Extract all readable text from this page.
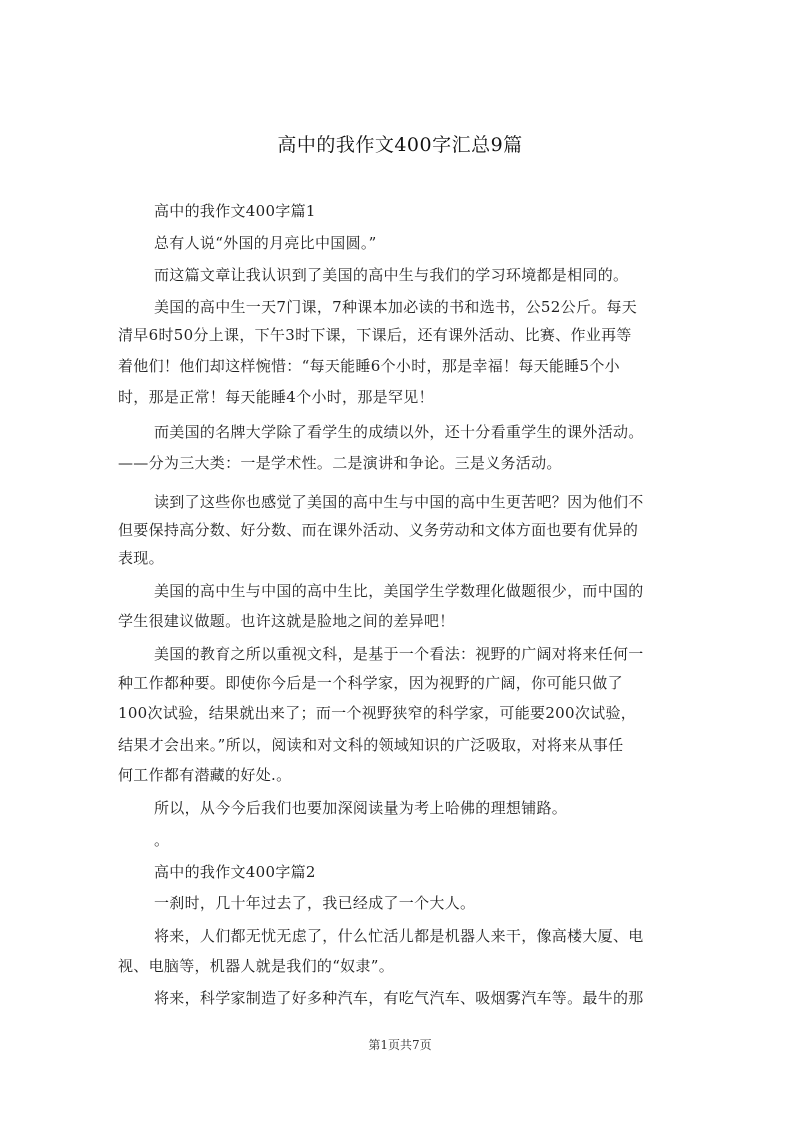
高中的我作文400字汇总9篇
高中的我作文400字篇1
总有人说“外国的月亮比中国圆。”
而这篇文章让我认识到了美国的高中生与我们的学习环境都是相同的。
美国的高中生一天7门课，7种课本加必读的书和选书，公52公斤。每天
清早6时50分上课，下午3时下课，下课后，还有课外活动、比赛、作业再等
着他们！他们却这样惋惜：“每天能睡6个小时，那是幸福！每天能睡5个小
时，那是正常！每天能睡4个小时，那是罕见！
而美国的名牌大学除了看学生的成绩以外，还十分看重学生的课外活动。
——分为三大类：一是学术性。二是演讲和争论。三是义务活动。
读到了这些你也感觉了美国的高中生与中国的高中生更苦吧？因为他们不
但要保持高分数、好分数、而在课外活动、义务劳动和文体方面也要有优异的
表现。
美国的高中生与中国的高中生比，美国学生学数理化做题很少，而中国的
学生很建议做题。也许这就是脸地之间的差异吧！
美国的教育之所以重视文科，是基于一个看法：视野的广阔对将来任何一
种工作都种要。即使你今后是一个科学家，因为视野的广阔，你可能只做了
100次试验，结果就出来了；而一个视野狭窄的科学家，可能要200次试验，
结果才会出来。”所以，阅读和对文科的领域知识的广泛吸取，对将来从事任
何工作都有潜藏的好处.。
所以，从今今后我们也要加深阅读量为考上哈佛的理想铺路。
。
高中的我作文400字篇2
一刹时，几十年过去了，我已经成了一个大人。
将来，人们都无忧无虑了，什么忙活儿都是机器人来干，像高楼大厦、电
视、电脑等，机器人就是我们的“奴隶”。
将来，科学家制造了好多种汽车，有吃气汽车、吸烟雾汽车等。最牛的那
第1页共7页
